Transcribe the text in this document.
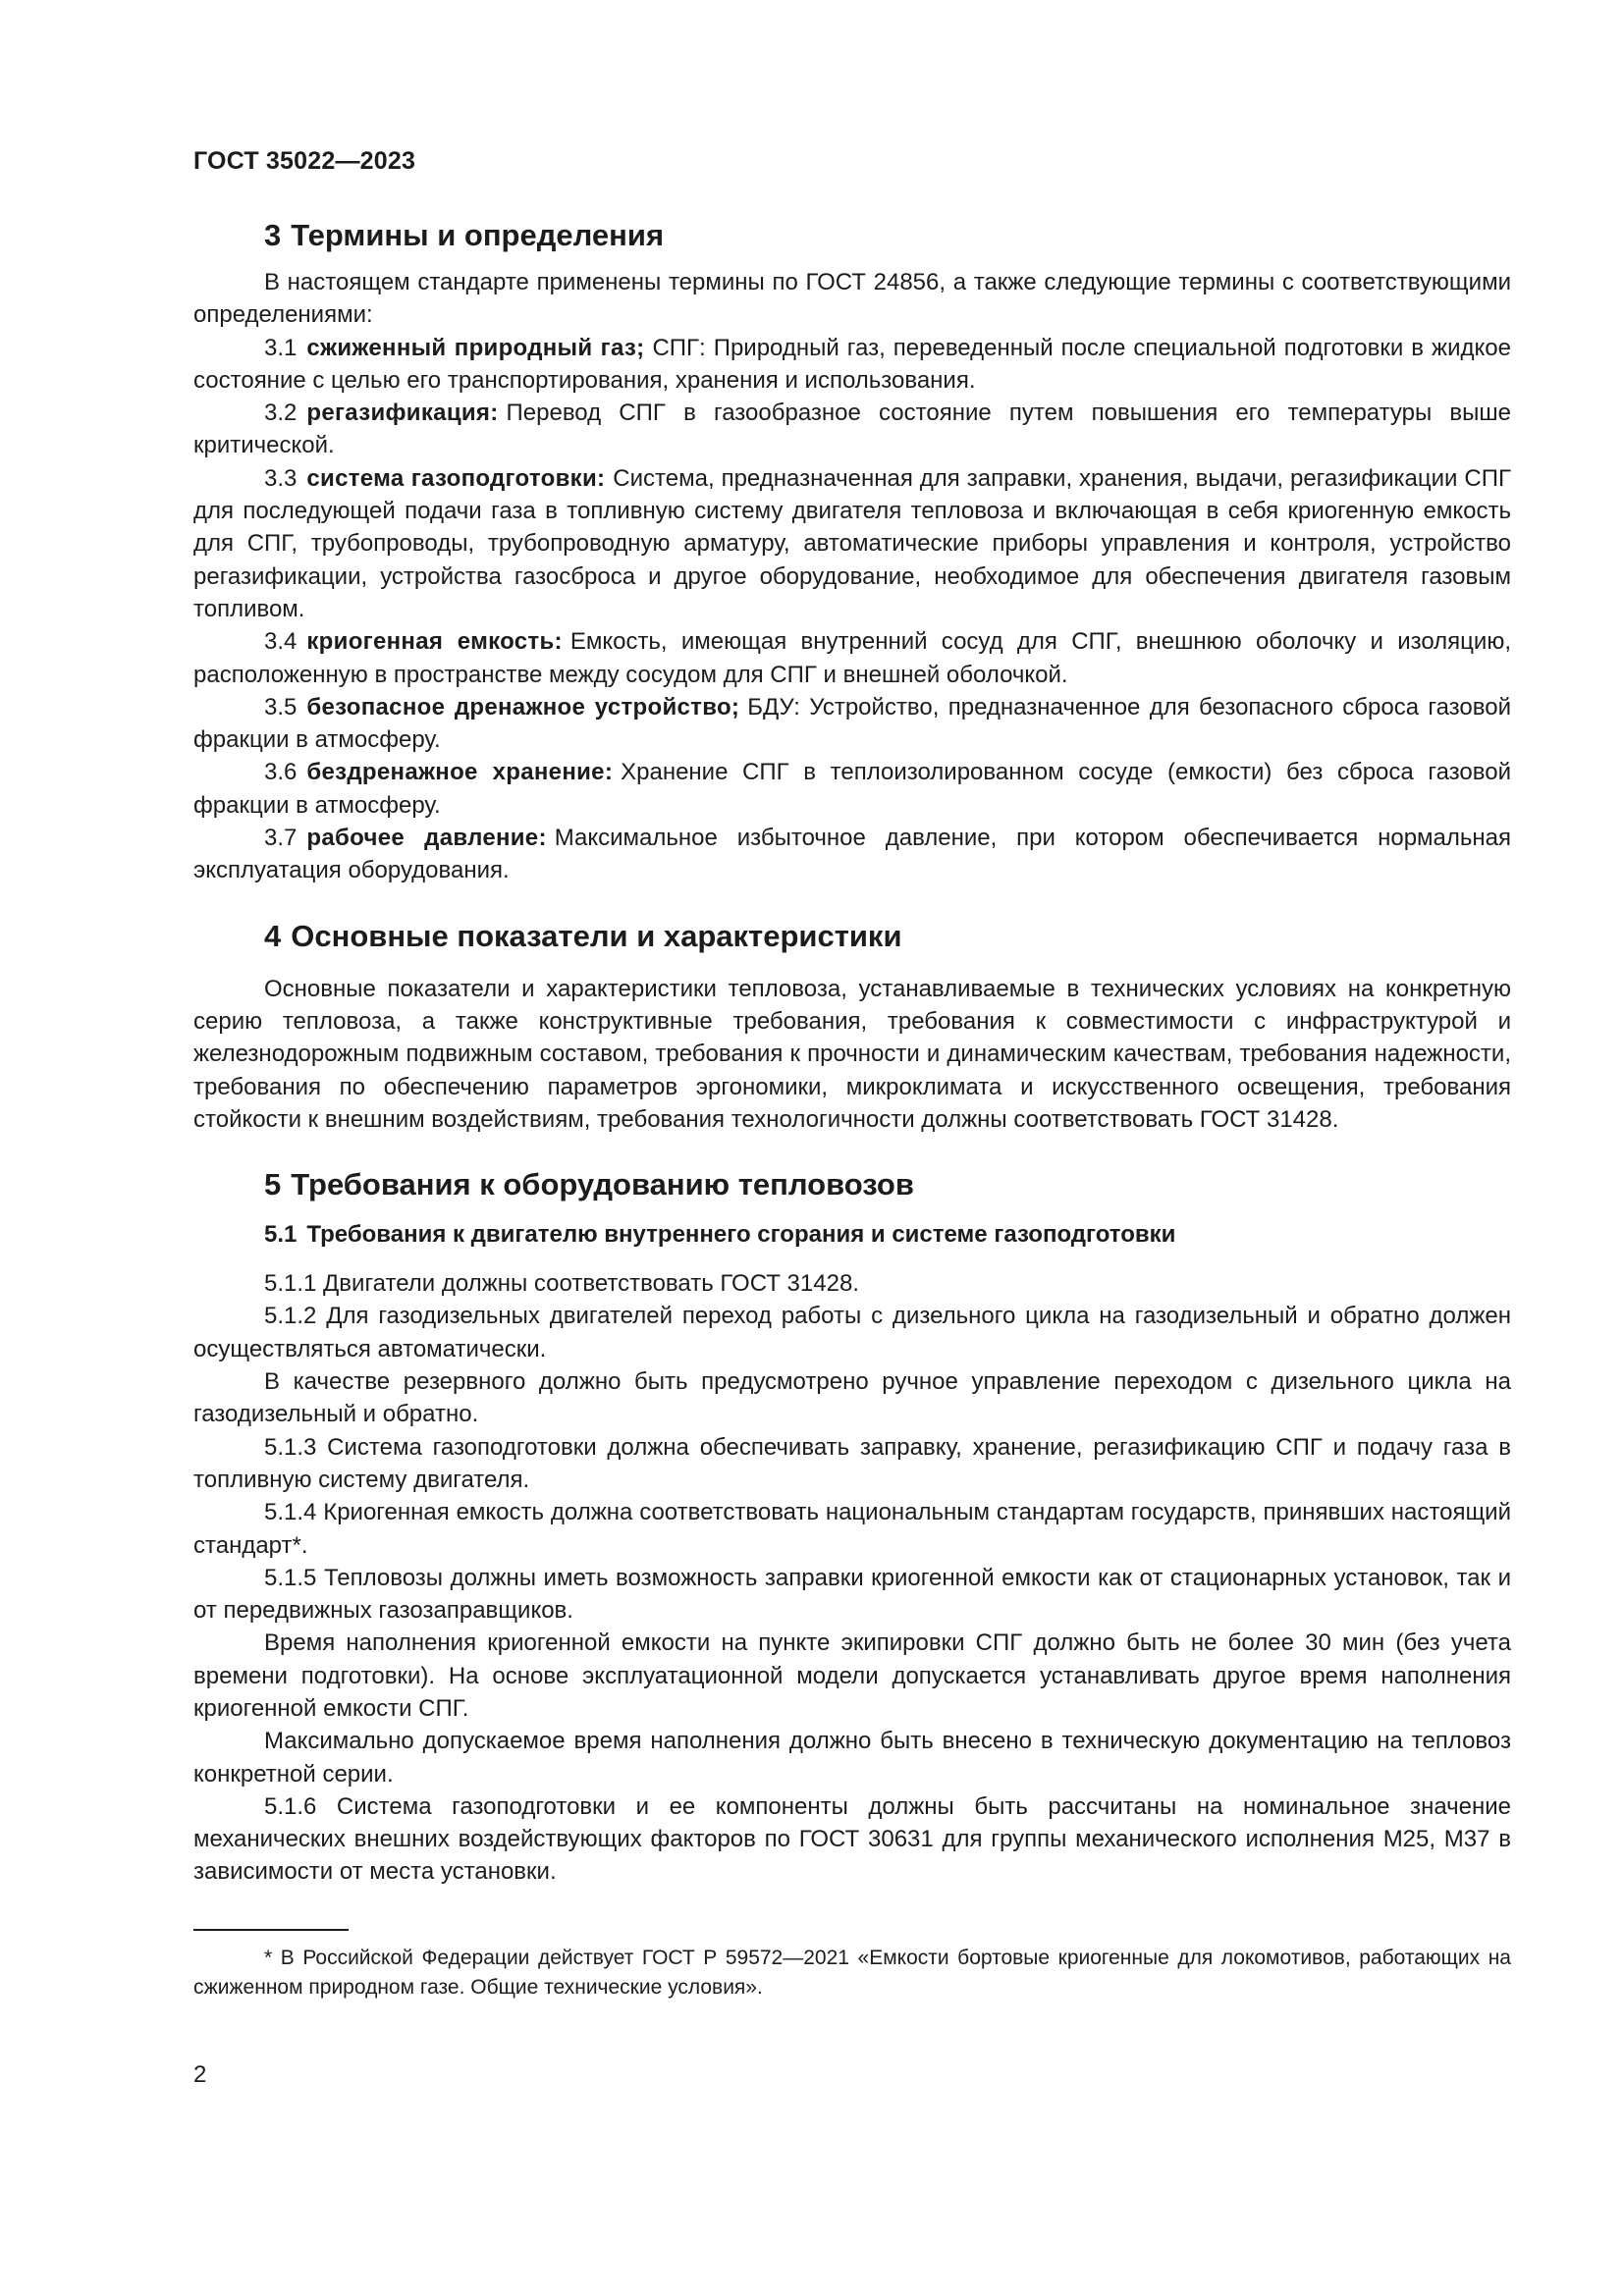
ГОСТ 35022—2023
3 Термины и определения

В настоящем стандарте применены термины по ГОСТ 24856, а также следующие термины с соответствующими определениями:

3.1 сжиженный природный газ; СПГ: Природный газ, переведенный после специальной подготовки в жидкое состояние с целью его транспортирования, хранения и использования.

3.2 регазификация: Перевод СПГ в газообразное состояние путем повышения его температуры выше критической.

3.3 система газоподготовки: Система, предназначенная для заправки, хранения, выдачи, регазификации СПГ для последующей подачи газа в топливную систему двигателя тепловоза и включающая в себя криогенную емкость для СПГ, трубопроводы, трубопроводную арматуру, автоматические приборы управления и контроля, устройство регазификации, устройства газосброса и другое оборудование, необходимое для обеспечения двигателя газовым топливом.

3.4 криогенная емкость: Емкость, имеющая внутренний сосуд для СПГ, внешнюю оболочку и изоляцию, расположенную в пространстве между сосудом для СПГ и внешней оболочкой.

3.5 безопасное дренажное устройство; БДУ: Устройство, предназначенное для безопасного сброса газовой фракции в атмосферу.

3.6 бездренажное хранение: Хранение СПГ в теплоизолированном сосуде (емкости) без сброса газовой фракции в атмосферу.

3.7 рабочее давление: Максимальное избыточное давление, при котором обеспечивается нормальная эксплуатация оборудования.

4 Основные показатели и характеристики

Основные показатели и характеристики тепловоза, устанавливаемые в технических условиях на конкретную серию тепловоза, а также конструктивные требования, требования к совместимости с инфраструктурой и железнодорожным подвижным составом, требования к прочности и динамическим качествам, требования надежности, требования по обеспечению параметров эргономики, микроклимата и искусственного освещения, требования стойкости к внешним воздействиям, требования технологичности должны соответствовать ГОСТ 31428.

5 Требования к оборудованию тепловозов
5.1 Требования к двигателю внутреннего сгорания и системе газоподготовки

5.1.1 Двигатели должны соответствовать ГОСТ 31428.

5.1.2 Для газодизельных двигателей переход работы с дизельного цикла на газодизельный и обратно должен осуществляться автоматически.

В качестве резервного должно быть предусмотрено ручное управление переходом с дизельного цикла на газодизельный и обратно.

5.1.3 Система газоподготовки должна обеспечивать заправку, хранение, регазификацию СПГ и подачу газа в топливную систему двигателя.

5.1.4 Криогенная емкость должна соответствовать национальным стандартам государств, принявших настоящий стандарт*.

5.1.5 Тепловозы должны иметь возможность заправки криогенной емкости как от стационарных установок, так и от передвижных газозаправщиков.

Время наполнения криогенной емкости на пункте экипировки СПГ должно быть не более 30 мин (без учета времени подготовки). На основе эксплуатационной модели допускается устанавливать другое время наполнения криогенной емкости СПГ.

Максимально допускаемое время наполнения должно быть внесено в техническую документацию на тепловоз конкретной серии.

5.1.6 Система газоподготовки и ее компоненты должны быть рассчитаны на номинальное значение механических внешних воздействующих факторов по ГОСТ 30631 для группы механического исполнения М25, М37 в зависимости от места установки.

* В Российской Федерации действует ГОСТ Р 59572—2021 «Емкости бортовые криогенные для локомотивов, работающих на сжиженном природном газе. Общие технические условия».

2
